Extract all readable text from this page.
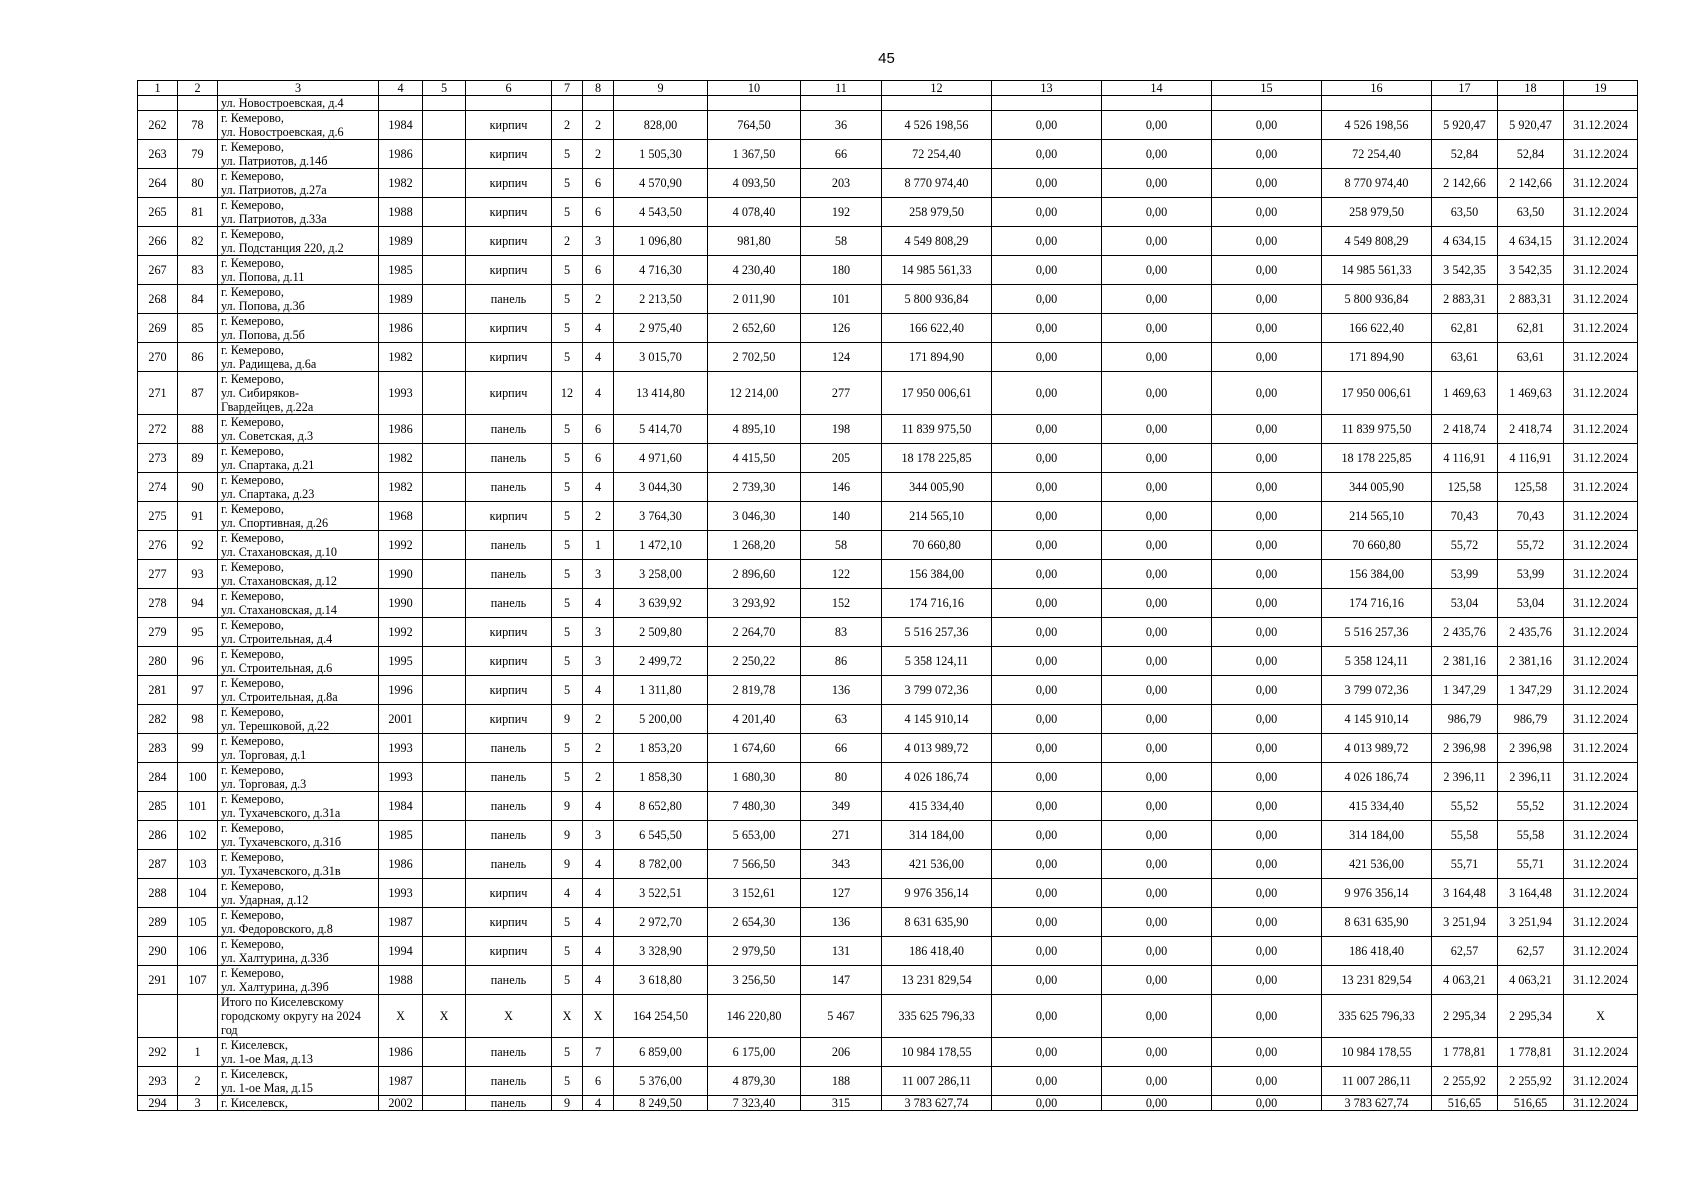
45
1	2	3	4	5	6	7	8	9	10	11	12	13	14	15	16	17	18	19
		ул. Новостроевская, д.4																
262	78	г. Кемерово,
ул. Новостроевская, д.6	1984		кирпич	2	2	828,00	764,50	36	4 526 198,56	0,00	0,00	0,00	4 526 198,56	5 920,47	5 920,47	31.12.2024
263	79	г. Кемерово,
ул. Патриотов, д.14б	1986		кирпич	5	2	1 505,30	1 367,50	66	72 254,40	0,00	0,00	0,00	72 254,40	52,84	52,84	31.12.2024
264	80	г. Кемерово,
ул. Патриотов, д.27а	1982		кирпич	5	6	4 570,90	4 093,50	203	8 770 974,40	0,00	0,00	0,00	8 770 974,40	2 142,66	2 142,66	31.12.2024
265	81	г. Кемерово,
ул. Патриотов, д.33а	1988		кирпич	5	6	4 543,50	4 078,40	192	258 979,50	0,00	0,00	0,00	258 979,50	63,50	63,50	31.12.2024
266	82	г. Кемерово,
ул. Подстанция 220, д.2	1989		кирпич	2	3	1 096,80	981,80	58	4 549 808,29	0,00	0,00	0,00	4 549 808,29	4 634,15	4 634,15	31.12.2024
267	83	г. Кемерово,
ул. Попова, д.11	1985		кирпич	5	6	4 716,30	4 230,40	180	14 985 561,33	0,00	0,00	0,00	14 985 561,33	3 542,35	3 542,35	31.12.2024
268	84	г. Кемерово,
ул. Попова, д.3б	1989		панель	5	2	2 213,50	2 011,90	101	5 800 936,84	0,00	0,00	0,00	5 800 936,84	2 883,31	2 883,31	31.12.2024
269	85	г. Кемерово,
ул. Попова, д.5б	1986		кирпич	5	4	2 975,40	2 652,60	126	166 622,40	0,00	0,00	0,00	166 622,40	62,81	62,81	31.12.2024
270	86	г. Кемерово,
ул. Радищева, д.6а	1982		кирпич	5	4	3 015,70	2 702,50	124	171 894,90	0,00	0,00	0,00	171 894,90	63,61	63,61	31.12.2024
271	87	г. Кемерово,
ул. Сибиряков-
Гвардейцев, д.22а	1993		кирпич	12	4	13 414,80	12 214,00	277	17 950 006,61	0,00	0,00	0,00	17 950 006,61	1 469,63	1 469,63	31.12.2024
272	88	г. Кемерово,
ул. Советская, д.3	1986		панель	5	6	5 414,70	4 895,10	198	11 839 975,50	0,00	0,00	0,00	11 839 975,50	2 418,74	2 418,74	31.12.2024
273	89	г. Кемерово,
ул. Спартака, д.21	1982		панель	5	6	4 971,60	4 415,50	205	18 178 225,85	0,00	0,00	0,00	18 178 225,85	4 116,91	4 116,91	31.12.2024
274	90	г. Кемерово,
ул. Спартака, д.23	1982		панель	5	4	3 044,30	2 739,30	146	344 005,90	0,00	0,00	0,00	344 005,90	125,58	125,58	31.12.2024
275	91	г. Кемерово,
ул. Спортивная, д.26	1968		кирпич	5	2	3 764,30	3 046,30	140	214 565,10	0,00	0,00	0,00	214 565,10	70,43	70,43	31.12.2024
276	92	г. Кемерово,
ул. Стахановская, д.10	1992		панель	5	1	1 472,10	1 268,20	58	70 660,80	0,00	0,00	0,00	70 660,80	55,72	55,72	31.12.2024
277	93	г. Кемерово,
ул. Стахановская, д.12	1990		панель	5	3	3 258,00	2 896,60	122	156 384,00	0,00	0,00	0,00	156 384,00	53,99	53,99	31.12.2024
278	94	г. Кемерово,
ул. Стахановская, д.14	1990		панель	5	4	3 639,92	3 293,92	152	174 716,16	0,00	0,00	0,00	174 716,16	53,04	53,04	31.12.2024
279	95	г. Кемерово,
ул. Строительная, д.4	1992		кирпич	5	3	2 509,80	2 264,70	83	5 516 257,36	0,00	0,00	0,00	5 516 257,36	2 435,76	2 435,76	31.12.2024
280	96	г. Кемерово,
ул. Строительная, д.6	1995		кирпич	5	3	2 499,72	2 250,22	86	5 358 124,11	0,00	0,00	0,00	5 358 124,11	2 381,16	2 381,16	31.12.2024
281	97	г. Кемерово,
ул. Строительная, д.8а	1996		кирпич	5	4	1 311,80	2 819,78	136	3 799 072,36	0,00	0,00	0,00	3 799 072,36	1 347,29	1 347,29	31.12.2024
282	98	г. Кемерово,
ул. Терешковой, д.22	2001		кирпич	9	2	5 200,00	4 201,40	63	4 145 910,14	0,00	0,00	0,00	4 145 910,14	986,79	986,79	31.12.2024
283	99	г. Кемерово,
ул. Торговая, д.1	1993		панель	5	2	1 853,20	1 674,60	66	4 013 989,72	0,00	0,00	0,00	4 013 989,72	2 396,98	2 396,98	31.12.2024
284	100	г. Кемерово,
ул. Торговая, д.3	1993		панель	5	2	1 858,30	1 680,30	80	4 026 186,74	0,00	0,00	0,00	4 026 186,74	2 396,11	2 396,11	31.12.2024
285	101	г. Кемерово,
ул. Тухачевского, д.31а	1984		панель	9	4	8 652,80	7 480,30	349	415 334,40	0,00	0,00	0,00	415 334,40	55,52	55,52	31.12.2024
286	102	г. Кемерово,
ул. Тухачевского, д.31б	1985		панель	9	3	6 545,50	5 653,00	271	314 184,00	0,00	0,00	0,00	314 184,00	55,58	55,58	31.12.2024
287	103	г. Кемерово,
ул. Тухачевского, д.31в	1986		панель	9	4	8 782,00	7 566,50	343	421 536,00	0,00	0,00	0,00	421 536,00	55,71	55,71	31.12.2024
288	104	г. Кемерово,
ул. Ударная, д.12	1993		кирпич	4	4	3 522,51	3 152,61	127	9 976 356,14	0,00	0,00	0,00	9 976 356,14	3 164,48	3 164,48	31.12.2024
289	105	г. Кемерово,
ул. Федоровского, д.8	1987		кирпич	5	4	2 972,70	2 654,30	136	8 631 635,90	0,00	0,00	0,00	8 631 635,90	3 251,94	3 251,94	31.12.2024
290	106	г. Кемерово,
ул. Халтурина, д.33б	1994		кирпич	5	4	3 328,90	2 979,50	131	186 418,40	0,00	0,00	0,00	186 418,40	62,57	62,57	31.12.2024
291	107	г. Кемерово,
ул. Халтурина, д.39б	1988		панель	5	4	3 618,80	3 256,50	147	13 231 829,54	0,00	0,00	0,00	13 231 829,54	4 063,21	4 063,21	31.12.2024
		Итого по Киселевскому
городскому округу на 2024 год	X	X	X	X	X	164 254,50	146 220,80	5 467	335 625 796,33	0,00	0,00	0,00	335 625 796,33	2 295,34	2 295,34	X
292	1	г. Киселевск,
ул. 1-ое Мая, д.13	1986		панель	5	7	6 859,00	6 175,00	206	10 984 178,55	0,00	0,00	0,00	10 984 178,55	1 778,81	1 778,81	31.12.2024
293	2	г. Киселевск,
ул. 1-ое Мая, д.15	1987		панель	5	6	5 376,00	4 879,30	188	11 007 286,11	0,00	0,00	0,00	11 007 286,11	2 255,92	2 255,92	31.12.2024
294	3	г. Киселевск,	2002		панель	9	4	8 249,50	7 323,40	315	3 783 627,74	0,00	0,00	0,00	3 783 627,74	516,65	516,65	31.12.2024
